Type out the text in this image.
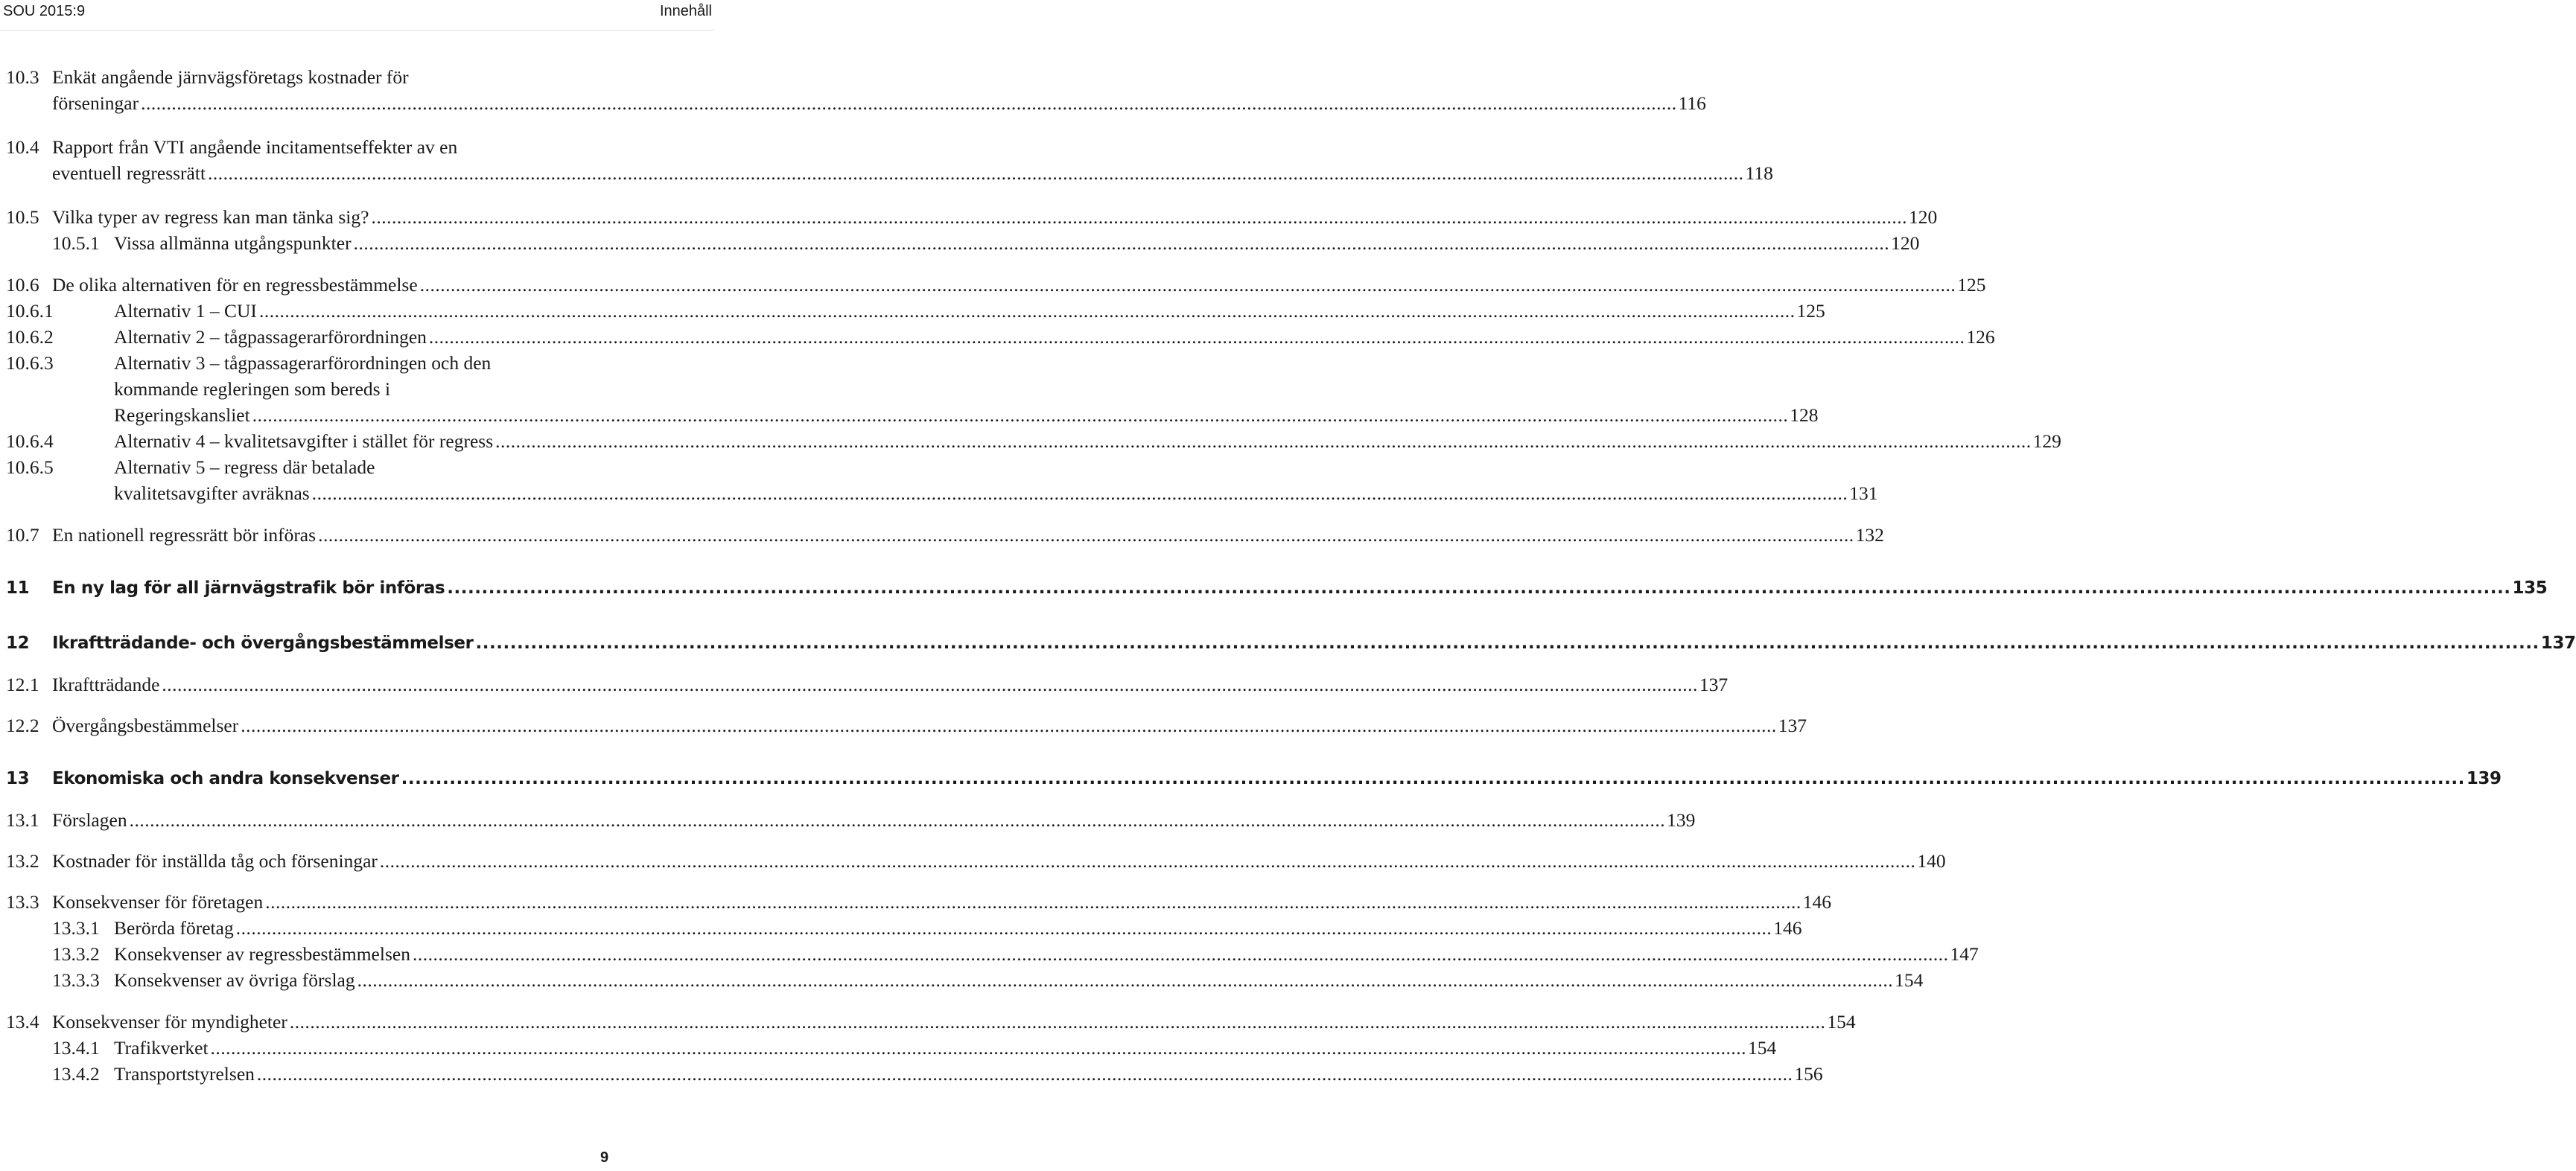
SOU 2015:9	Innehåll
10.3 Enkät angående järnvägsföretags kostnader för
förseningar ............................................................................................................................................................................................................................................................................................................ 116
10.4 Rapport från VTI angående incitamentseffekter av en
eventuell regressrätt ............................................................................................................................................................................................................................................................................................................ 118
10.5 Vilka typer av regress kan man tänka sig? ............................................................................................................................................................................................................................................................................................................ 120
10.5.1 Vissa allmänna utgångspunkter ............................................................................................................................................................................................................................................................................................................ 120
10.6 De olika alternativen för en regressbestämmelse ............................................................................................................................................................................................................................................................................................................ 125
10.6.1	Alternativ 1 – CUI ............................................................................................................................................................................................................................................................................................................ 125
10.6.2	Alternativ 2 – tågpassagerarförordningen ............................................................................................................................................................................................................................................................................................................ 126
10.6.3	Alternativ 3 – tågpassagerarförordningen och den
kommande regleringen som bereds i
Regeringskansliet ............................................................................................................................................................................................................................................................................................................ 128
10.6.4	Alternativ 4 – kvalitetsavgifter i stället för regress ............................................................................................................................................................................................................................................................................................................ 129
10.6.5	Alternativ 5 – regress där betalade
kvalitetsavgifter avräknas ............................................................................................................................................................................................................................................................................................................ 131
10.7 En nationell regressrätt bör införas ............................................................................................................................................................................................................................................................................................................ 132
11 En ny lag för all järnvägstrafik bör införas ............................................................................................................................................................................................................................................................................................................ 135
12 Ikraftträdande- och övergångsbestämmelser ............................................................................................................................................................................................................................................................................................................ 137
12.1 Ikraftträdande ............................................................................................................................................................................................................................................................................................................ 137
12.2 Övergångsbestämmelser ............................................................................................................................................................................................................................................................................................................ 137
13 Ekonomiska och andra konsekvenser ............................................................................................................................................................................................................................................................................................................ 139
13.1 Förslagen ............................................................................................................................................................................................................................................................................................................ 139
13.2 Kostnader för inställda tåg och förseningar ............................................................................................................................................................................................................................................................................................................ 140
13.3 Konsekvenser för företagen ............................................................................................................................................................................................................................................................................................................ 146
13.3.1 Berörda företag ............................................................................................................................................................................................................................................................................................................ 146
13.3.2 Konsekvenser av regressbestämmelsen ............................................................................................................................................................................................................................................................................................................ 147
13.3.3 Konsekvenser av övriga förslag ............................................................................................................................................................................................................................................................................................................ 154
13.4 Konsekvenser för myndigheter ............................................................................................................................................................................................................................................................................................................ 154
13.4.1 Trafikverket ............................................................................................................................................................................................................................................................................................................ 154
13.4.2 Transportstyrelsen ............................................................................................................................................................................................................................................................................................................ 156
9
